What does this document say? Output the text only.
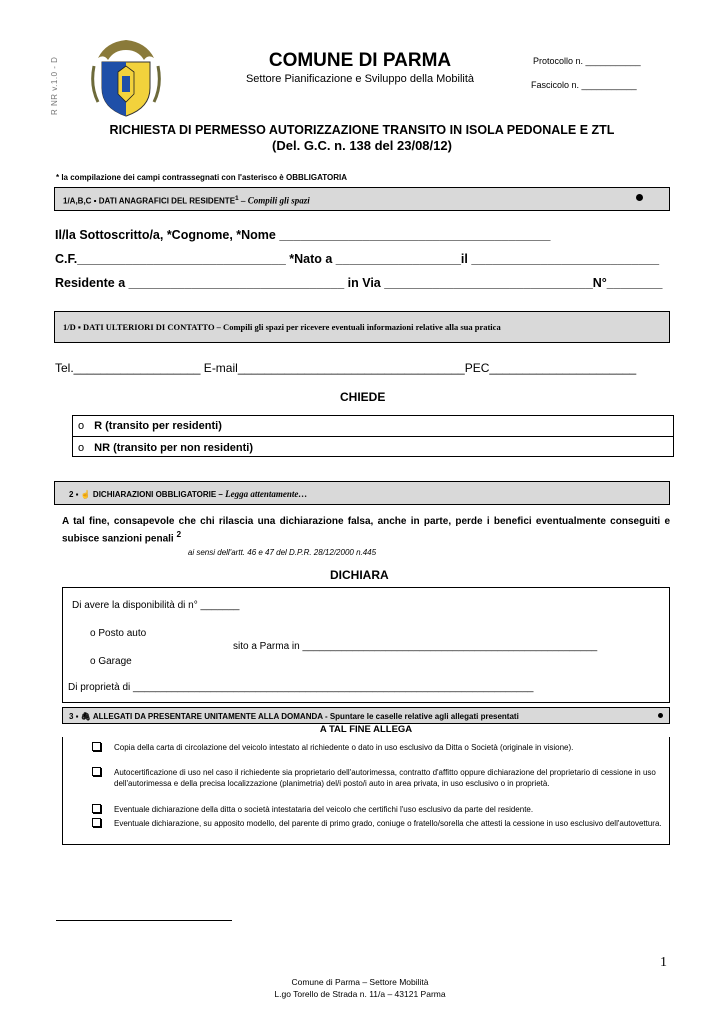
R NR v.1.0 - D	COMUNE DI PARMA
Settore Pianificazione e Sviluppo della Mobilità
Protocollo n. ___________
Fascicolo n. ___________
RICHIESTA DI PERMESSO AUTORIZZAZIONE TRANSITO IN ISOLA PEDONALE E ZTL
(Del. G.C. n. 138 del 23/08/12)
* la compilazione dei campi contrassegnati con l'asterisco è OBBLIGATORIA
1/A,B,C ▪ DATI ANAGRAFICI DEL RESIDENTE$^1$ – Compili gli spazi
Il/la Sottoscritto/a, *Cognome, *Nome _______________________________________
C.F.______________________________ *Nato a __________________il ___________________________
Residente a _______________________________ in Via ______________________________N°________
1/D ▪ DATI ULTERIORI DI CONTATTO – Compili gli spazi per ricevere eventuali informazioni relative alla sua pratica
Tel.___________________ E-mail__________________________________PEC______________________
CHIEDE
o R (transito per residenti)
o NR (transito per non residenti)
2 ▪ ☝ DICHIARAZIONI OBBLIGATORIE – Legga attentamente…
A tal fine, consapevole che chi rilascia una dichiarazione falsa, anche in parte, perde i benefici eventualmente conseguiti e subisce sanzioni penali $^2$
ai sensi dell'artt. 46 e 47 del D.P.R. 28/12/2000 n.445
DICHIARA
Di avere la disponibilità di n° _______
o Posto auto
sito a Parma in _____________________________________________________
o Garage
Di proprietà di ________________________________________________________________________
3 ▪ 🖇 ALLEGATI DA PRESENTARE UNITAMENTE ALLA DOMANDA - Spuntare le caselle relative agli allegati presentati
A TAL FINE ALLEGA
Copia della carta di circolazione del veicolo intestato al richiedente o dato in uso esclusivo da Ditta o Società (originale in visione).
Autocertificazione di uso nel caso il richiedente sia proprietario dell'autorimessa, contratto d'affitto oppure dichiarazione del proprietario di cessione in uso dell'autorimessa e della precisa localizzazione (planimetria) del/i posto/i auto in area privata, in uso esclusivo o in proprietà.
Eventuale dichiarazione della ditta o società intestataria del veicolo che certifichi l'uso esclusivo da parte del residente.
Eventuale dichiarazione, su apposito modello, del parente di primo grado, coniuge o fratello/sorella che attesti la cessione in uso esclusivo dell'autovettura.
1
Comune di Parma – Settore Mobilità
L.go Torello de Strada n. 11/a – 43121 Parma
